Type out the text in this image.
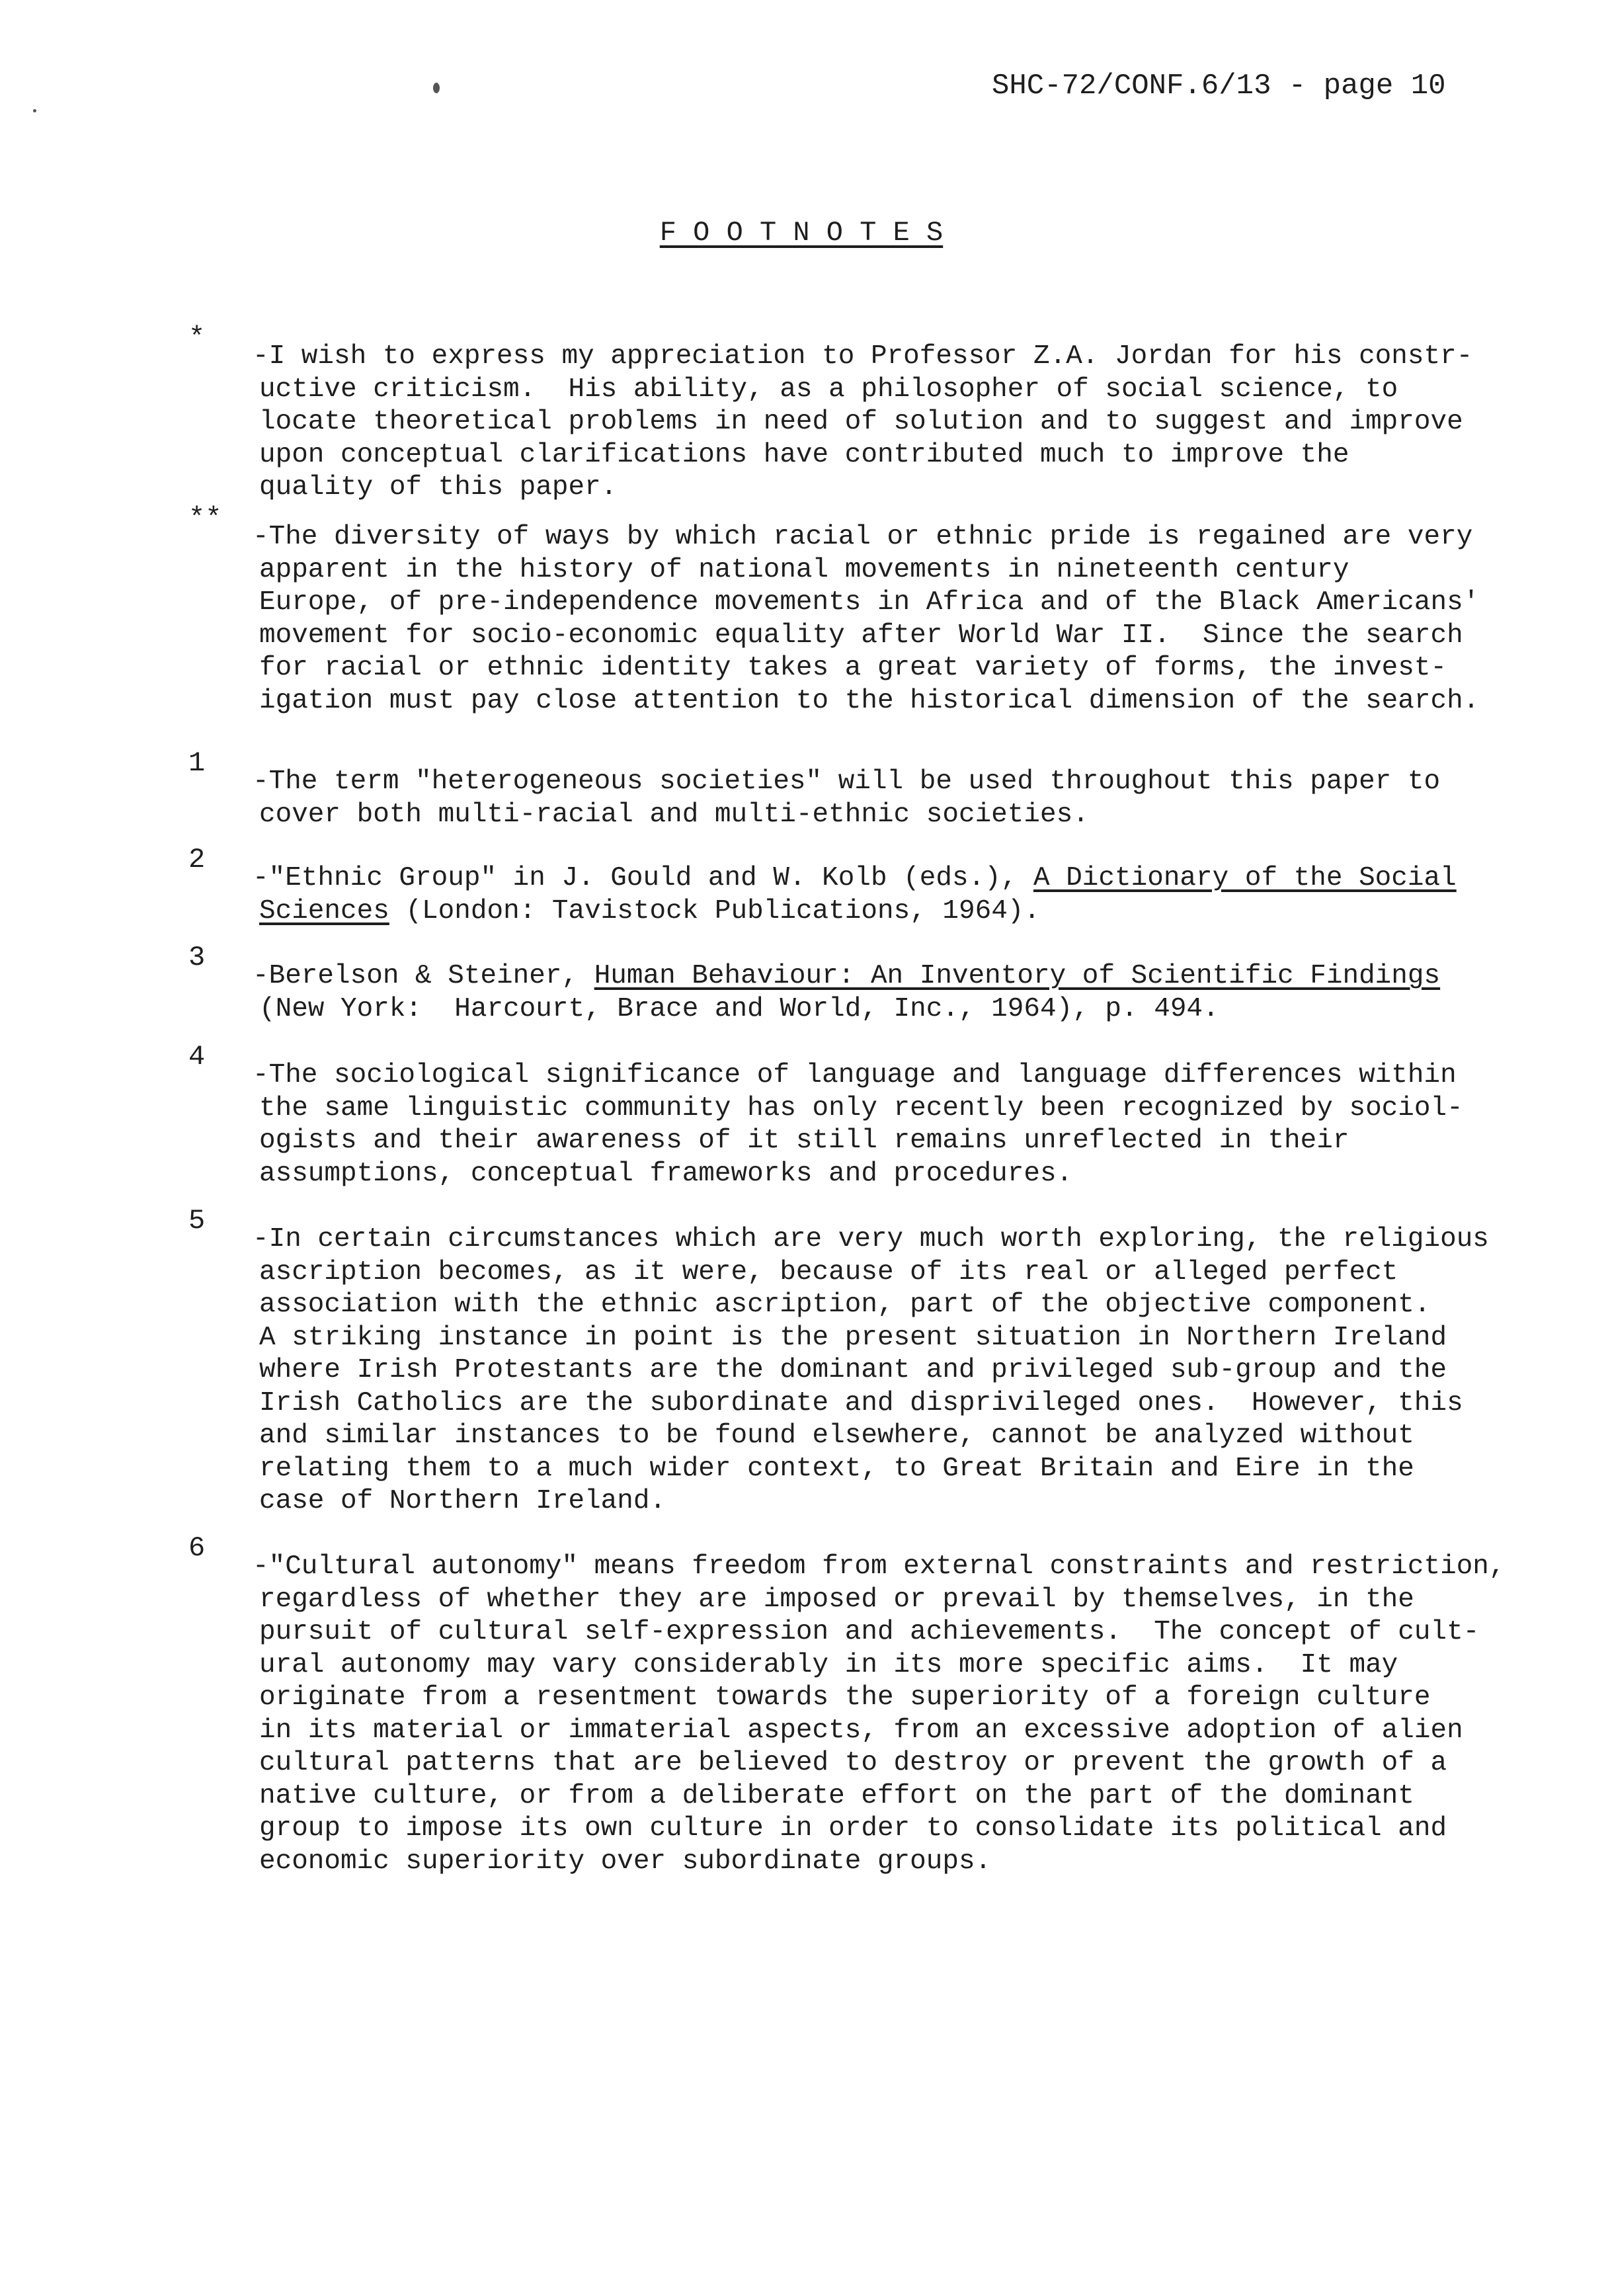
SHC-72/CONF.6/13 - page 10
F O O T N O T E S
*
-I wish to express my appreciation to Professor Z.A. Jordan for his constr-
uctive criticism.  His ability, as a philosopher of social science, to
locate theoretical problems in need of solution and to suggest and improve
upon conceptual clarifications have contributed much to improve the
quality of this paper.
**
-The diversity of ways by which racial or ethnic pride is regained are very
apparent in the history of national movements in nineteenth century
Europe, of pre-independence movements in Africa and of the Black Americans'
movement for socio-economic equality after World War II.  Since the search
for racial or ethnic identity takes a great variety of forms, the invest-
igation must pay close attention to the historical dimension of the search.
1
-The term "heterogeneous societies" will be used throughout this paper to
cover both multi-racial and multi-ethnic societies.
2
-"Ethnic Group" in J. Gould and W. Kolb (eds.), A Dictionary of the Social
Sciences (London: Tavistock Publications, 1964).
3
-Berelson & Steiner, Human Behaviour: An Inventory of Scientific Findings
(New York:  Harcourt, Brace and World, Inc., 1964), p. 494.
4
-The sociological significance of language and language differences within
the same linguistic community has only recently been recognized by sociol-
ogists and their awareness of it still remains unreflected in their
assumptions, conceptual frameworks and procedures.
5
-In certain circumstances which are very much worth exploring, the religious
ascription becomes, as it were, because of its real or alleged perfect
association with the ethnic ascription, part of the objective component.
A striking instance in point is the present situation in Northern Ireland
where Irish Protestants are the dominant and privileged sub-group and the
Irish Catholics are the subordinate and disprivileged ones.  However, this
and similar instances to be found elsewhere, cannot be analyzed without
relating them to a much wider context, to Great Britain and Eire in the
case of Northern Ireland.
6
-"Cultural autonomy" means freedom from external constraints and restriction,
regardless of whether they are imposed or prevail by themselves, in the
pursuit of cultural self-expression and achievements.  The concept of cult-
ural autonomy may vary considerably in its more specific aims.  It may
originate from a resentment towards the superiority of a foreign culture
in its material or immaterial aspects, from an excessive adoption of alien
cultural patterns that are believed to destroy or prevent the growth of a
native culture, or from a deliberate effort on the part of the dominant
group to impose its own culture in order to consolidate its political and
economic superiority over subordinate groups.
